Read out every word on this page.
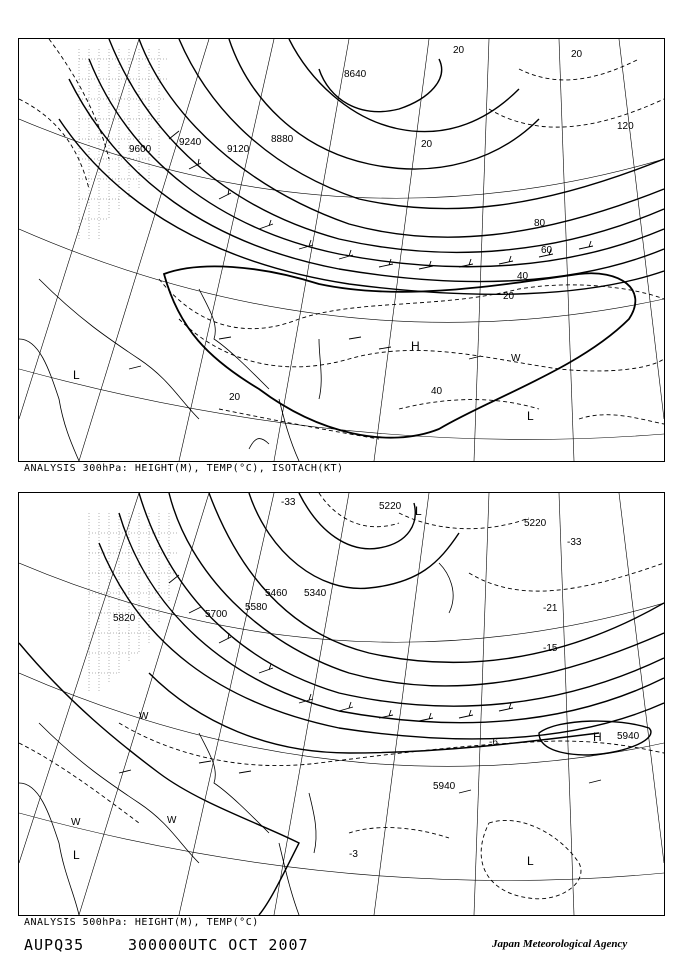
8640
8880
9120
9240
9600
20	20
20
20
20
40
40
60
80
120
H
L
L
W
ANALYSIS 300hPa: HEIGHT(M), TEMP(°C), ISOTACH(KT)
5220
5220
5340
5460
5580
5700
5820
5940
5940
-33
-33
-21
-15
-6
-3
H
L	L
L
W
W	W
ANALYSIS 500hPa: HEIGHT(M), TEMP(°C)
AUPQ35	300000UTC OCT 2007	Japan Meteorological Agency
